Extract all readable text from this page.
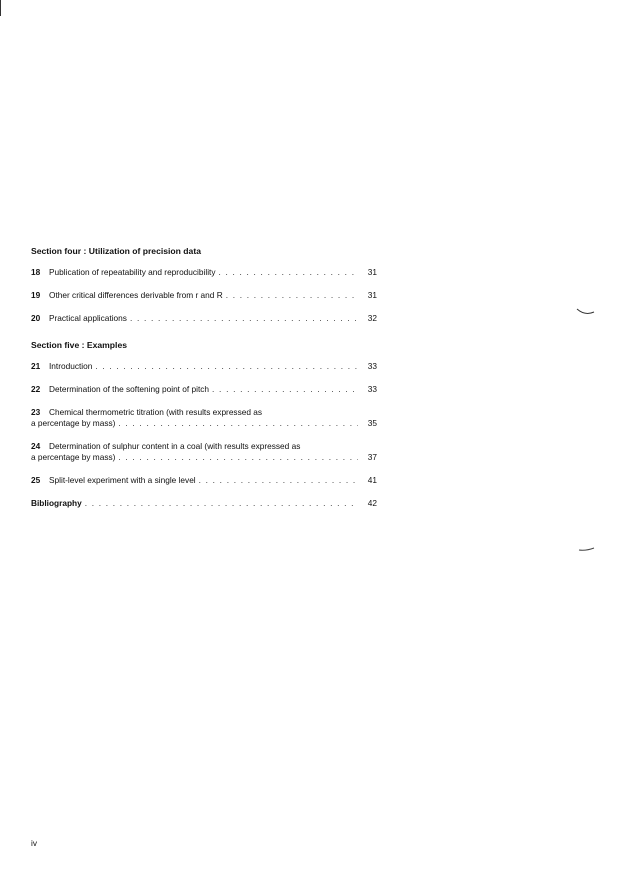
Section four : Utilization of precision data
18	Publication of repeatability and reproducibility . . .	31
19	Other critical differences derivable from r and R . . .	31
20	Practical applications . . .	32
Section five : Examples
21	Introduction . . .	33
22	Determination of the softening point of pitch . . .	33
23	Chemical thermometric titration (with results expressed as
a percentage by mass) . . .	35
24	Determination of sulphur content in a coal (with results expressed as
a percentage by mass) . . .	37
25	Split-level experiment with a single level . . .	41
Bibliography . . .	42
iv
